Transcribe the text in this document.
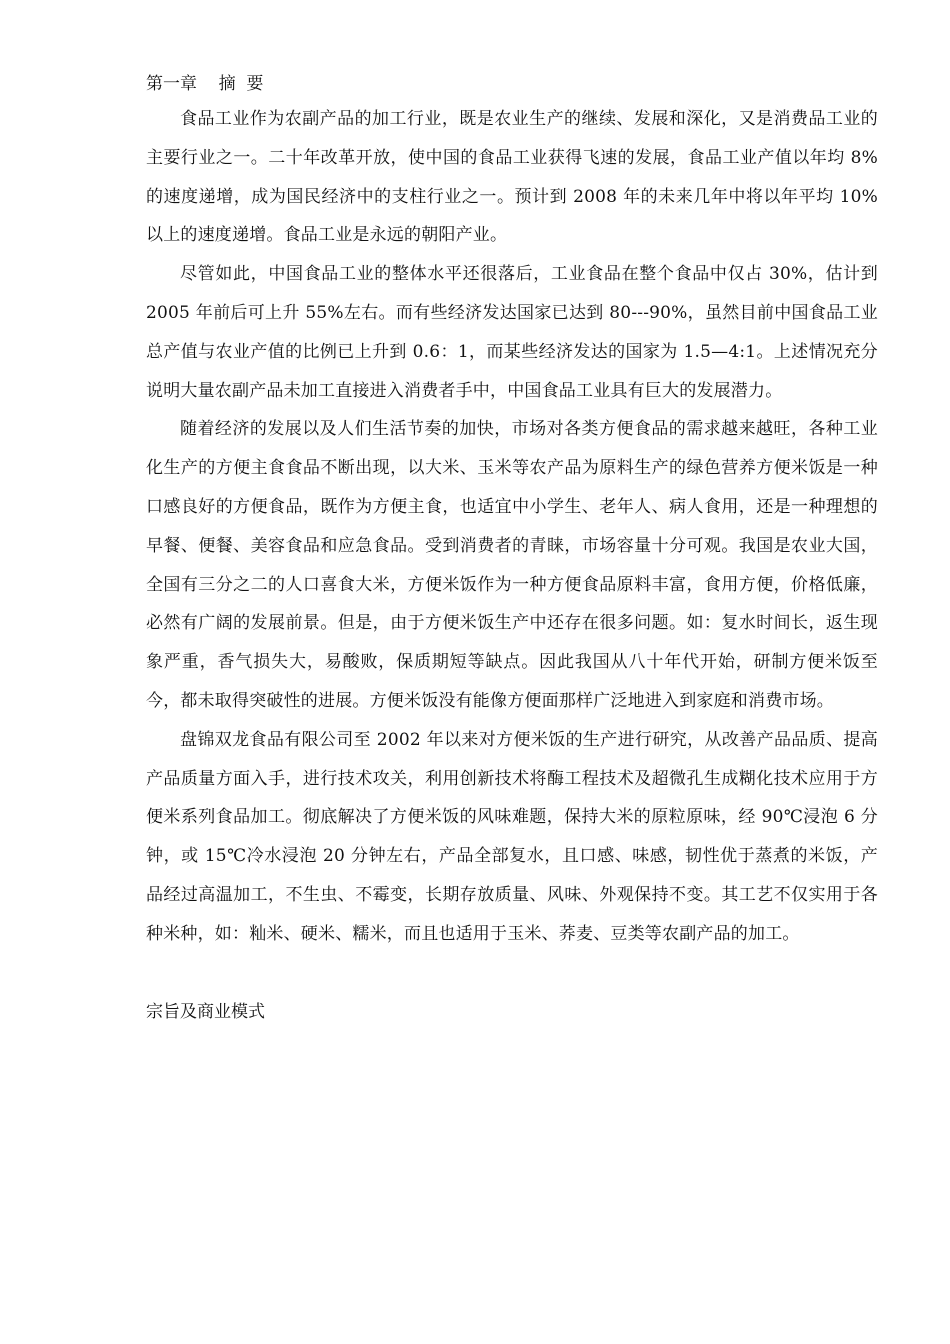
第一章    摘  要

食品工业作为农副产品的加工行业，既是农业生产的继续、发展和深化，又是消费品工业的主要行业之一。二十年改革开放，使中国的食品工业获得飞速的发展，食品工业产值以年均 8%的速度递增，成为国民经济中的支柱行业之一。预计到 2008 年的未来几年中将以年平均 10%以上的速度递增。食品工业是永远的朝阳产业。

尽管如此，中国食品工业的整体水平还很落后，工业食品在整个食品中仅占 30%，估计到 2005 年前后可上升 55%左右。而有些经济发达国家已达到 80---90%，虽然目前中国食品工业总产值与农业产值的比例已上升到 0.6：1，而某些经济发达的国家为 1.5—4:1。上述情况充分说明大量农副产品未加工直接进入消费者手中，中国食品工业具有巨大的发展潜力。

随着经济的发展以及人们生活节奏的加快，市场对各类方便食品的需求越来越旺，各种工业化生产的方便主食食品不断出现，以大米、玉米等农产品为原料生产的绿色营养方便米饭是一种口感良好的方便食品，既作为方便主食，也适宜中小学生、老年人、病人食用，还是一种理想的早餐、便餐、美容食品和应急食品。受到消费者的青睐，市场容量十分可观。我国是农业大国，全国有三分之二的人口喜食大米，方便米饭作为一种方便食品原料丰富，食用方便，价格低廉，必然有广阔的发展前景。但是，由于方便米饭生产中还存在很多问题。如：复水时间长，返生现象严重，香气损失大，易酸败，保质期短等缺点。因此我国从八十年代开始，研制方便米饭至今，都未取得突破性的进展。方便米饭没有能像方便面那样广泛地进入到家庭和消费市场。

盘锦双龙食品有限公司至 2002 年以来对方便米饭的生产进行研究，从改善产品品质、提高产品质量方面入手，进行技术攻关，利用创新技术将酶工程技术及超微孔生成糊化技术应用于方便米系列食品加工。彻底解决了方便米饭的风味难题，保持大米的原粒原味，经 90℃浸泡 6 分钟，或 15℃冷水浸泡 20 分钟左右，产品全部复水，且口感、味感，韧性优于蒸煮的米饭，产品经过高温加工，不生虫、不霉变，长期存放质量、风味、外观保持不变。其工艺不仅实用于各种米种，如：籼米、硬米、糯米，而且也适用于玉米、荞麦、豆类等农副产品的加工。

宗旨及商业模式
